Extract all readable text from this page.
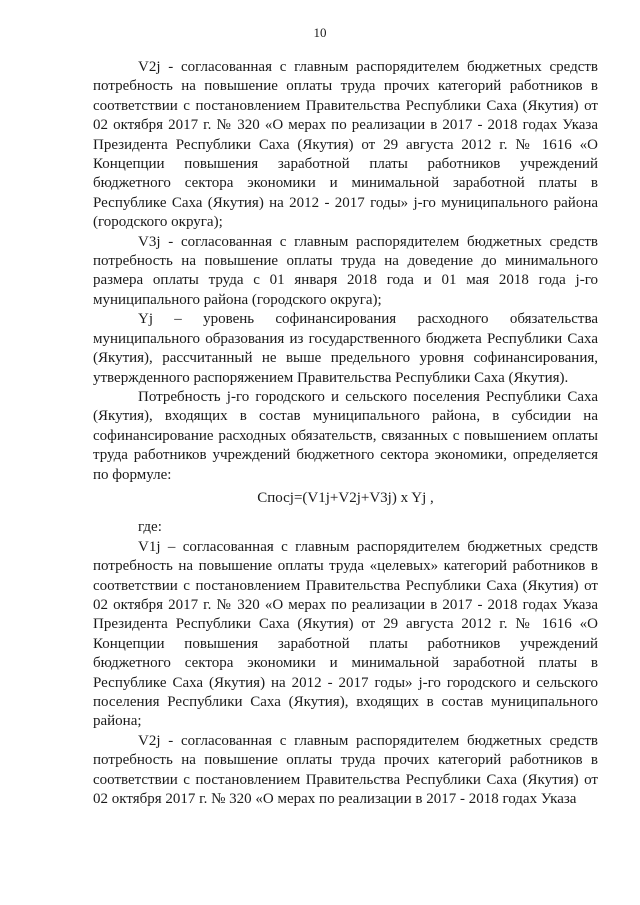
10

V2j - согласованная с главным распорядителем бюджетных средств потребность на повышение оплаты труда прочих категорий работников в соответствии с постановлением Правительства Республики Саха (Якутия) от 02 октября 2017 г. № 320 «О мерах по реализации в 2017 - 2018 годах Указа Президента Республики Саха (Якутия) от 29 августа 2012 г. № 1616 «О Концепции повышения заработной платы работников учреждений бюджетного сектора экономики и минимальной заработной платы в Республике Саха (Якутия) на 2012 - 2017 годы» j-го муниципального района (городского округа);

V3j - согласованная с главным распорядителем бюджетных средств потребность на повышение оплаты труда на доведение до минимального размера оплаты труда с 01 января 2018 года и 01 мая 2018 года j-го муниципального района (городского округа);

Yj – уровень софинансирования расходного обязательства муниципального образования из государственного бюджета Республики Саха (Якутия), рассчитанный не выше предельного уровня софинансирования, утвержденного распоряжением Правительства Республики Саха (Якутия).

Потребность j-го городского и сельского поселения Республики Саха (Якутия), входящих в состав муниципального района, в субсидии на софинансирование расходных обязательств, связанных с повышением оплаты труда работников учреждений бюджетного сектора экономики, определяется по формуле:

Cпосj=(V1j+V2j+V3j) x Yj ,

где:

V1j – согласованная с главным распорядителем бюджетных средств потребность на повышение оплаты труда «целевых» категорий работников в соответствии с постановлением Правительства Республики Саха (Якутия) от 02 октября 2017 г. № 320 «О мерах по реализации в 2017 - 2018 годах Указа Президента Республики Саха (Якутия) от 29 августа 2012 г. № 1616 «О Концепции повышения заработной платы работников учреждений бюджетного сектора экономики и минимальной заработной платы в Республике Саха (Якутия) на 2012 - 2017 годы» j-го городского и сельского поселения Республики Саха (Якутия), входящих в состав муниципального района;

V2j - согласованная с главным распорядителем бюджетных средств потребность на повышение оплаты труда прочих категорий работников в соответствии с постановлением Правительства Республики Саха (Якутия) от 02 октября 2017 г. № 320 «О мерах по реализации в 2017 - 2018 годах Указа
